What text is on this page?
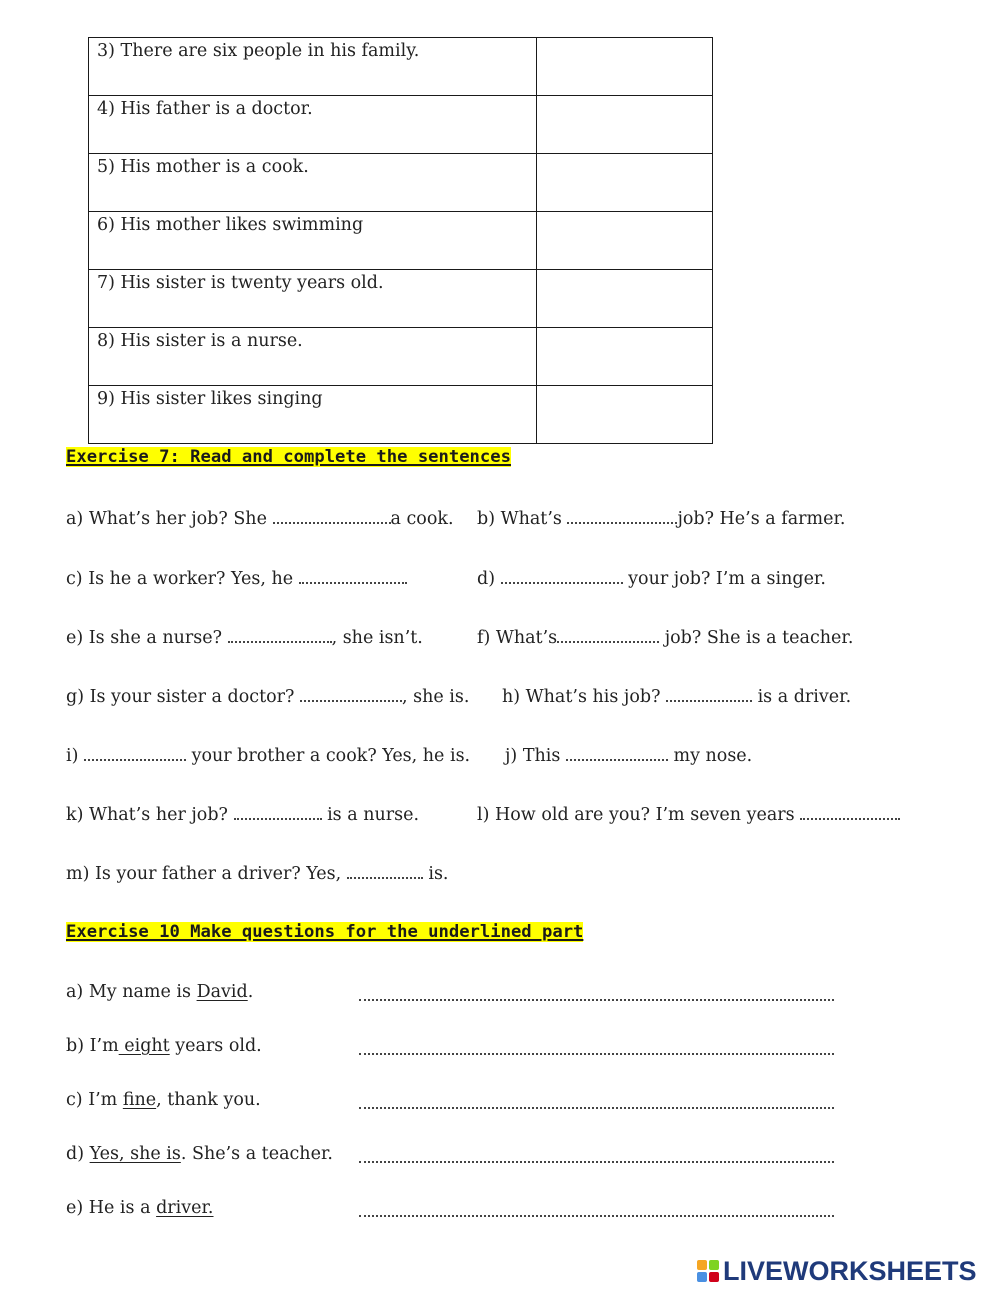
3) There are six people in his family.	

4) His father is a doctor.	

5) His mother is a cook.	

6) His mother likes swimming	

7) His sister is twenty years old.	

8) His sister is a nurse.	

9) His sister likes singing	

Exercise 7: Read and complete the sentences
a) What’s her job? She	a cook. b) What’s	job? He’s a farmer.
c) Is he a worker? Yes, he	d)	your job? I’m a singer.
e) Is she a nurse?	, she isn’t.	f) What’s	job? She is a teacher.
g) Is your sister a doctor?	, she is. h) What’s his job?	is a driver.
i)	your brother a cook? Yes, he is. j) This	my nose.
k) What’s her job?	is a nurse.	l) How old are you? I’m seven years
m) Is your father a driver? Yes,	is.
Exercise 10 Make questions for the underlined part
a) My name is David.
b) I’m eight years old.
c) I’m fine, thank you.
d) Yes, she is. She’s a teacher.
e) He is a driver.
LIVEWORKSHEETS
